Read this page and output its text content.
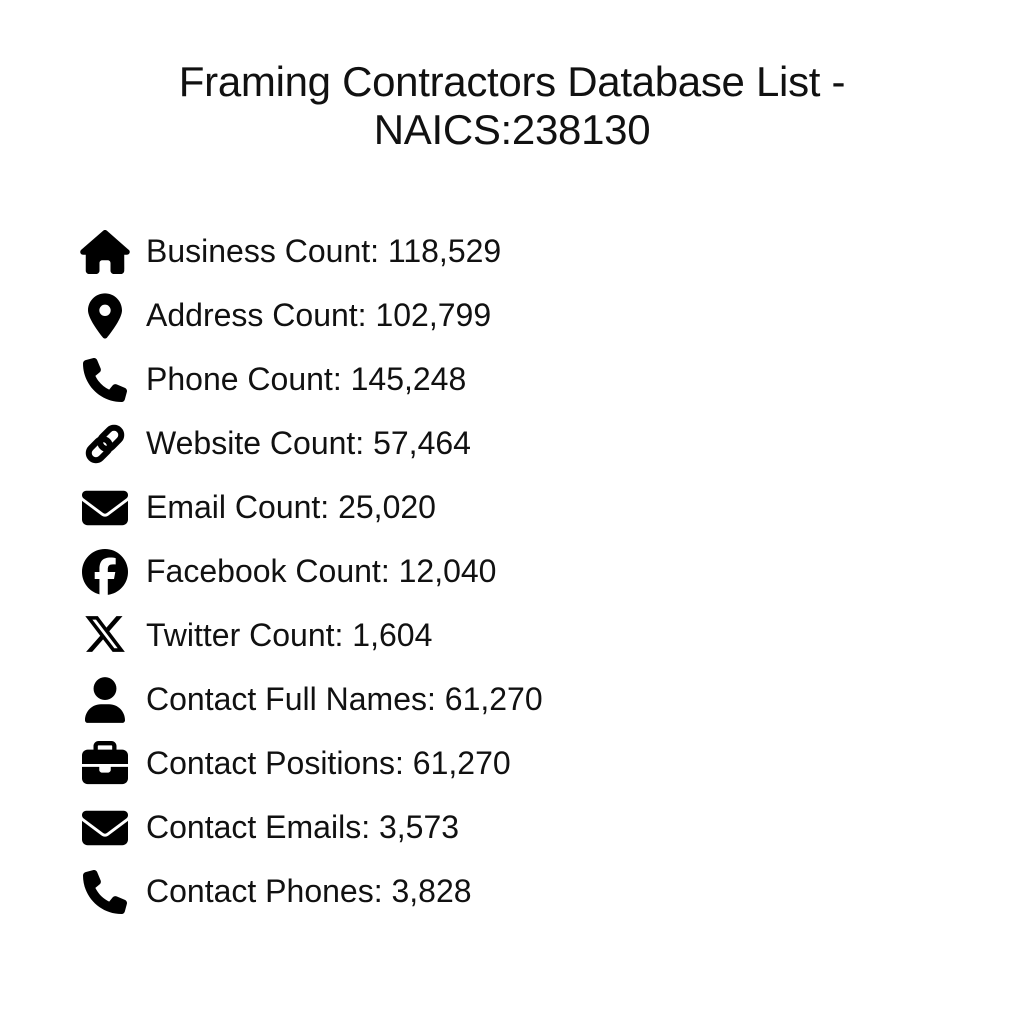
Framing Contractors Database List -
NAICS:238130
Business Count: 118,529
Address Count: 102,799
Phone Count: 145,248
Website Count: 57,464
Email Count: 25,020
Facebook Count: 12,040
Twitter Count: 1,604
Contact Full Names: 61,270
Contact Positions: 61,270
Contact Emails: 3,573
Contact Phones: 3,828
